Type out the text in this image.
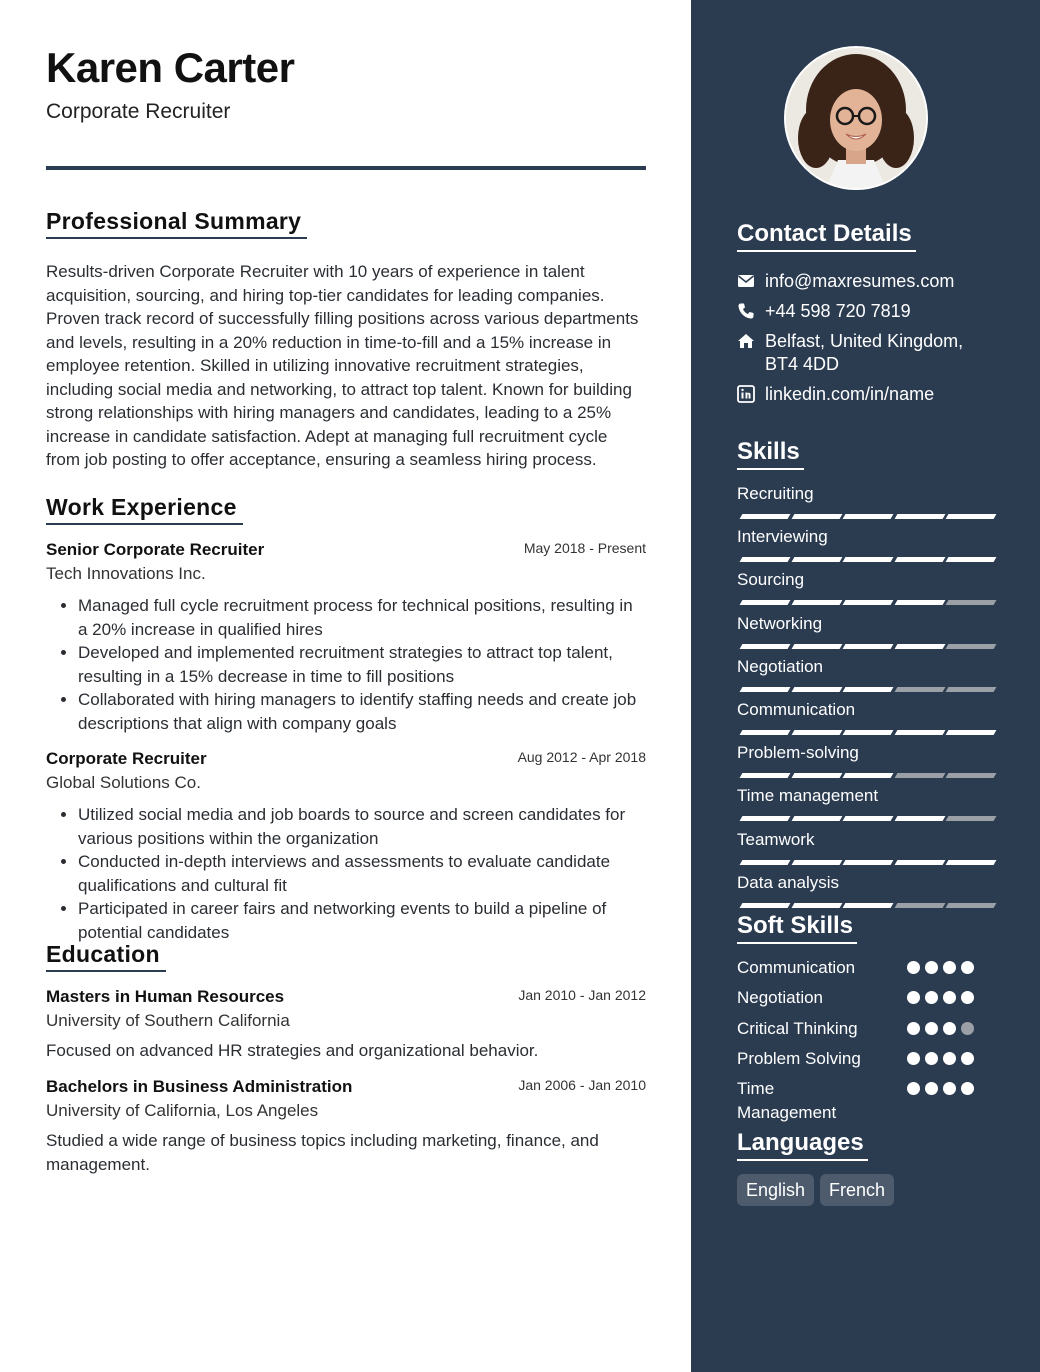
Karen Carter
Corporate Recruiter
Professional Summary

Results-driven Corporate Recruiter with 10 years of experience in talent acquisition, sourcing, and hiring top-tier candidates for leading companies. Proven track record of successfully filling positions across various departments and levels, resulting in a 20% reduction in time-to-fill and a 15% increase in employee retention. Skilled in utilizing innovative recruitment strategies, including social media and networking, to attract top talent. Known for building strong relationships with hiring managers and candidates, leading to a 25% increase in candidate satisfaction. Adept at managing full recruitment cycle from job posting to offer acceptance, ensuring a seamless hiring process.

Work Experience
Senior Corporate Recruiter	May 2018 - Present
Tech Innovations Inc.
• Managed full cycle recruitment process for technical positions, resulting in a 20% increase in qualified hires
• Developed and implemented recruitment strategies to attract top talent, resulting in a 15% decrease in time to fill positions
• Collaborated with hiring managers to identify staffing needs and create job descriptions that align with company goals
Corporate Recruiter	Aug 2012 - Apr 2018
Global Solutions Co.
• Utilized social media and job boards to source and screen candidates for various positions within the organization
• Conducted in-depth interviews and assessments to evaluate candidate qualifications and cultural fit
• Participated in career fairs and networking events to build a pipeline of potential candidates
Education
Masters in Human Resources	Jan 2010 - Jan 2012
University of Southern California
Focused on advanced HR strategies and organizational behavior.
Bachelors in Business Administration	Jan 2006 - Jan 2010
University of California, Los Angeles
Studied a wide range of business topics including marketing, finance, and management.
Contact Details
info@maxresumes.com
+44 598 720 7819
Belfast, United Kingdom,
BT4 4DD
linkedin.com/in/name
Skills
Recruiting
Interviewing
Sourcing
Networking
Negotiation
Communication
Problem-solving
Time management
Teamwork
Data analysis
Soft Skills
Communication
Negotiation
Critical Thinking
Problem Solving
Time Management
Languages
English	French
